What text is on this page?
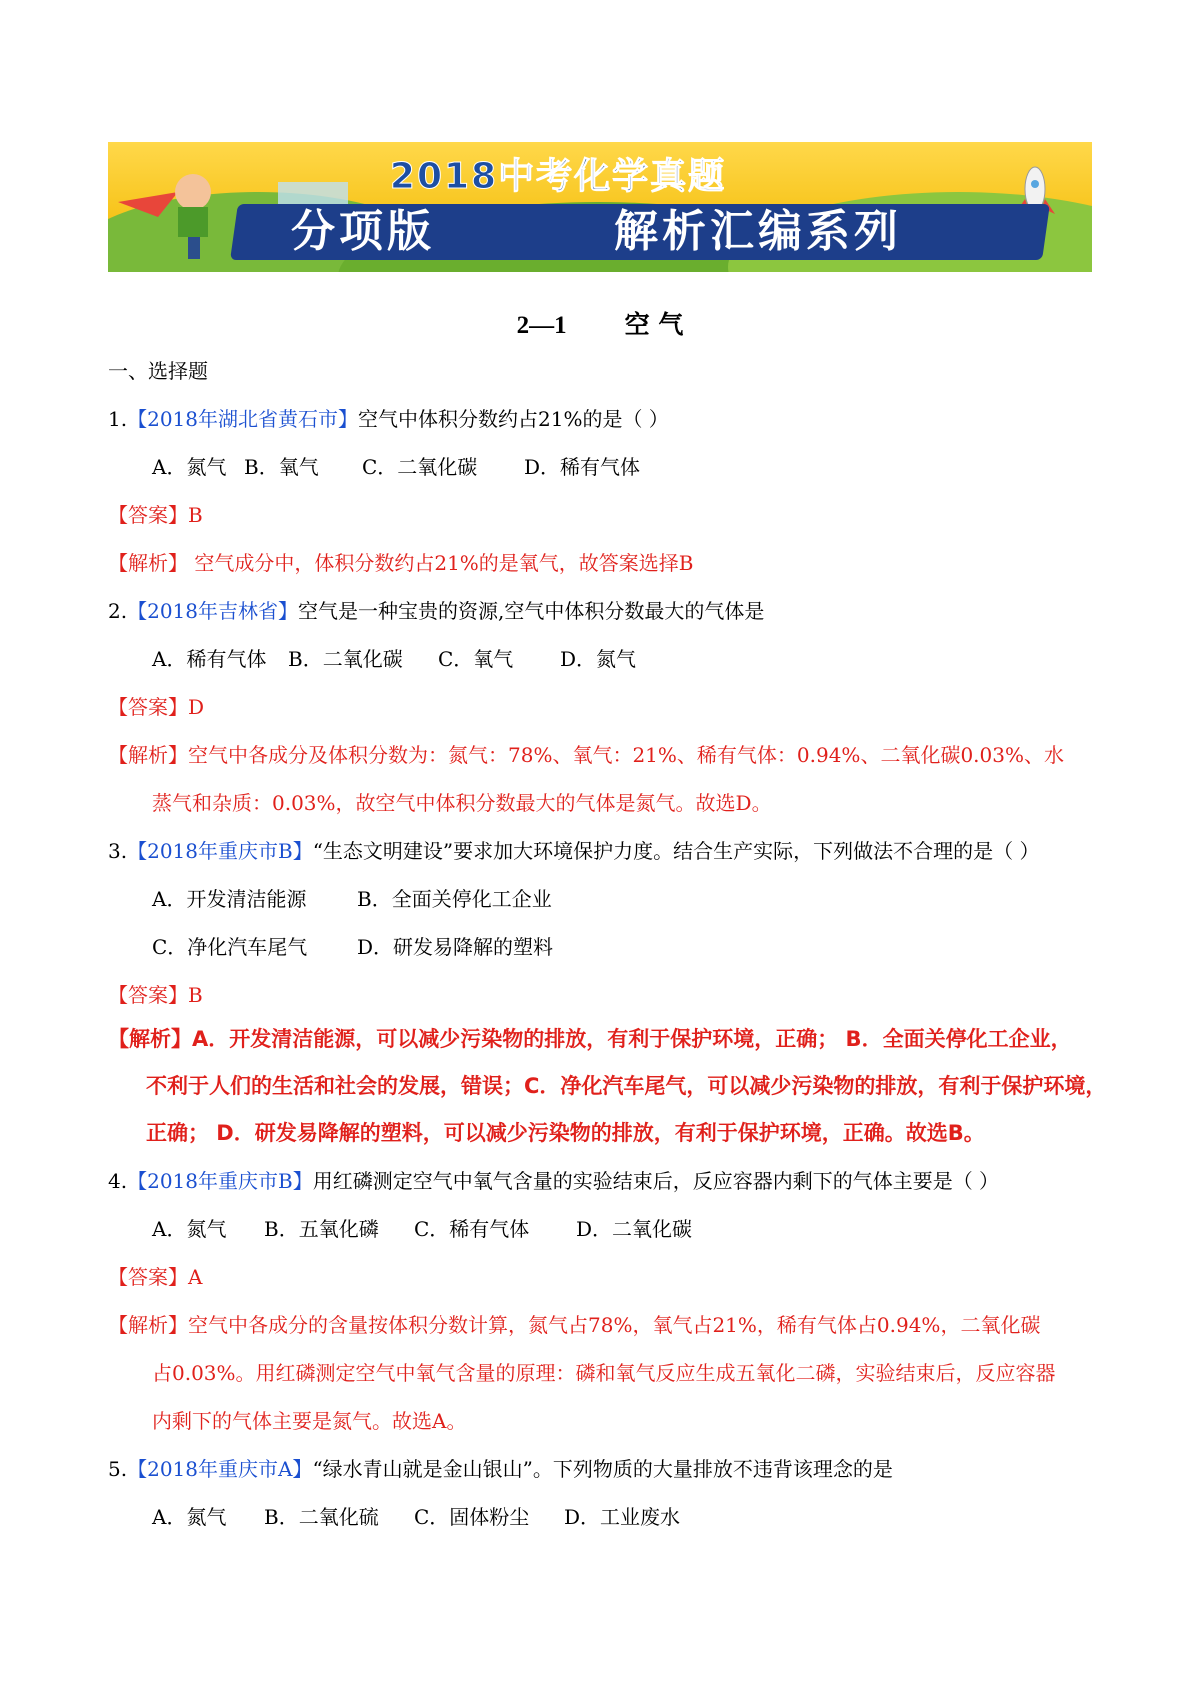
2018中考化学真题
分项版	解析汇编系列
2—1 空 气
一、选择题
1.【2018年湖北省黄石市】空气中体积分数约占21%的是（ ）
A．氮气 B．氧气 C．二氧化碳 D．稀有气体
【答案】B
【解析】 空气成分中，体积分数约占21%的是氧气，故答案选择B
2.【2018年吉林省】空气是一种宝贵的资源,空气中体积分数最大的气体是
A．稀有气体 B．二氧化碳 C．氧气 D．氮气
【答案】D
【解析】空气中各成分及体积分数为：氮气：78%、氧气：21%、稀有气体：0.94%、二氧化碳0.03%、水
蒸气和杂质：0.03%，故空气中体积分数最大的气体是氮气。故选D。
3.【2018年重庆市B】“生态文明建设”要求加大环境保护力度。结合生产实际，下列做法不合理的是（ ）
A．开发清洁能源	B．全面关停化工企业
C．净化汽车尾气 D．研发易降解的塑料
【答案】B
【解析】A．开发清洁能源，可以减少污染物的排放，有利于保护环境，正确； B．全面关停化工企业，
不利于人们的生活和社会的发展，错误；C．净化汽车尾气，可以减少污染物的排放，有利于保护环境，
正确； D．研发易降解的塑料，可以减少污染物的排放，有利于保护环境，正确。故选B。
4.【2018年重庆市B】用红磷测定空气中氧气含量的实验结束后，反应容器内剩下的气体主要是（ ）
A．氮气 B．五氧化磷 C．稀有气体 D．二氧化碳
【答案】A
【解析】空气中各成分的含量按体积分数计算，氮气占78%，氧气占21%，稀有气体占0.94%，二氧化碳
占0.03%。用红磷测定空气中氧气含量的原理：磷和氧气反应生成五氧化二磷，实验结束后，反应容器
内剩下的气体主要是氮气。故选A。
5.【2018年重庆市A】“绿水青山就是金山银山”。下列物质的大量排放不违背该理念的是
A．氮气 B．二氧化硫 C．固体粉尘 D．工业废水
